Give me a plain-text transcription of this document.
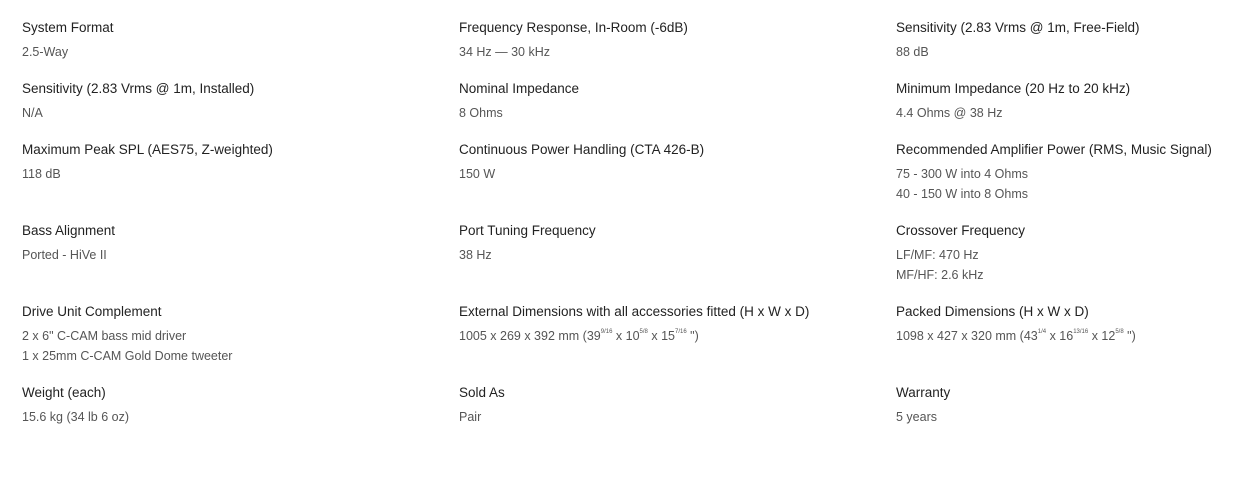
System Format
2.5-Way
Frequency Response, In-Room (-6dB)
34 Hz — 30 kHz
Sensitivity (2.83 Vrms @ 1m, Free-Field)
88 dB
Sensitivity (2.83 Vrms @ 1m, Installed)
N/A
Nominal Impedance
8 Ohms
Minimum Impedance (20 Hz to 20 kHz)
4.4 Ohms @ 38 Hz
Maximum Peak SPL (AES75, Z-weighted)
118 dB
Continuous Power Handling (CTA 426-B)
150 W
Recommended Amplifier Power (RMS, Music Signal)
75 - 300 W into 4 Ohms
40 - 150 W into 8 Ohms
Bass Alignment
Ported - HiVe II
Port Tuning Frequency
38 Hz
Crossover Frequency
LF/MF: 470 Hz
MF/HF: 2.6 kHz
Drive Unit Complement
2 x 6" C-CAM bass mid driver
1 x 25mm C-CAM Gold Dome tweeter
External Dimensions with all accessories fitted (H x W x D)
1005 x 269 x 392 mm ($39^{9/16}$ x $10^{5/8}$ x $15^{7/16}$ ")
Packed Dimensions (H x W x D)
1098 x 427 x 320 mm ($43^{1/4}$ x $16^{13/16}$ x $12^{5/8}$ ")
Weight (each)
15.6 kg (34 lb 6 oz)
Sold As
Pair
Warranty
5 years
